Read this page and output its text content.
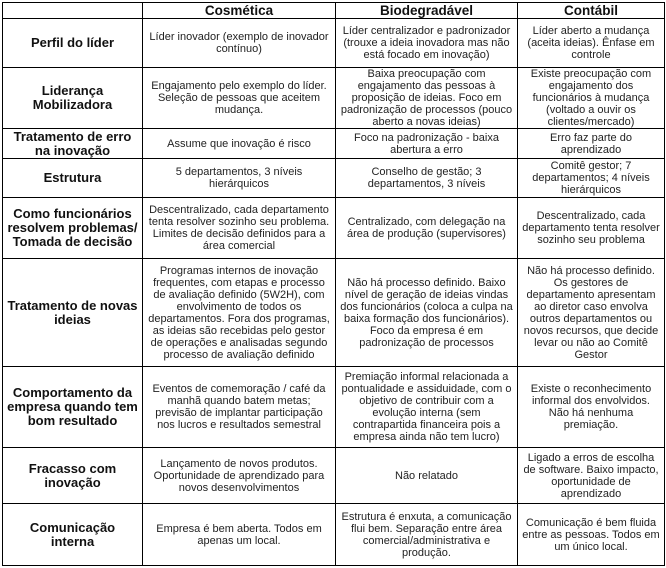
	Cosmética	Biodegradável	Contábil
Perfil do líder	Líder inovador (exemplo de inovador contínuo)	Líder centralizador e padronizador (trouxe a ideia inovadora mas não está focado em inovação)	Líder aberto a mudança (aceita ideias). Ênfase em controle
Liderança Mobilizadora	Engajamento pelo exemplo do líder. Seleção de pessoas que aceitem mudança.	Baixa preocupação com engajamento das pessoas à proposição de ideias. Foco em padronização de processos (pouco aberto a novas ideias)	Existe preocupação com engajamento dos funcionários à mudança (voltado a ouvir os clientes/mercado)
Tratamento de erro na inovação	Assume que inovação é risco	Foco na padronização - baixa abertura a erro	Erro faz parte do aprendizado
Estrutura	5 departamentos, 3 níveis hierárquicos	Conselho de gestão; 3 departamentos, 3 níveis	Comitê gestor; 7 departamentos; 4 níveis hierárquicos
Como funcionários resolvem problemas/ Tomada de decisão	Descentralizado, cada departamento tenta resolver sozinho seu problema. Limites de decisão definidos para a área comercial	Centralizado, com delegação na área de produção (supervisores)	Descentralizado, cada departamento tenta resolver sozinho seu problema
Tratamento de novas ideias	Programas internos de inovação frequentes, com etapas e processo de avaliação definido (5W2H), com envolvimento de todos os departamentos. Fora dos programas, as ideias são recebidas pelo gestor de operações e analisadas segundo processo de avaliação definido	Não há processo definido. Baixo nível de geração de ideias vindas dos funcionários (coloca a culpa na baixa formação dos funcionários). Foco da empresa é em padronização de processos	Não há processo definido. Os gestores de departamento apresentam ao diretor caso envolva outros departamentos ou novos recursos, que decide levar ou não ao Comitê Gestor
Comportamento da empresa quando tem bom resultado	Eventos de comemoração / café da manhã quando batem metas; previsão de implantar participação nos lucros e resultados semestral	Premiação informal relacionada a pontualidade e assiduidade, com o objetivo de contribuir com a evolução interna (sem contrapartida financeira pois a empresa ainda não tem lucro)	Existe o reconhecimento informal dos envolvidos. Não há nenhuma premiação.
Fracasso com inovação	Lançamento de novos produtos. Oportunidade de aprendizado para novos desenvolvimentos	Não relatado	Ligado a erros de escolha de software. Baixo impacto, oportunidade de aprendizado
Comunicação interna	Empresa é bem aberta. Todos em apenas um local.	Estrutura é enxuta, a comunicação flui bem. Separação entre área comercial/administrativa e produção.	Comunicação é bem fluida entre as pessoas. Todos em um único local.
